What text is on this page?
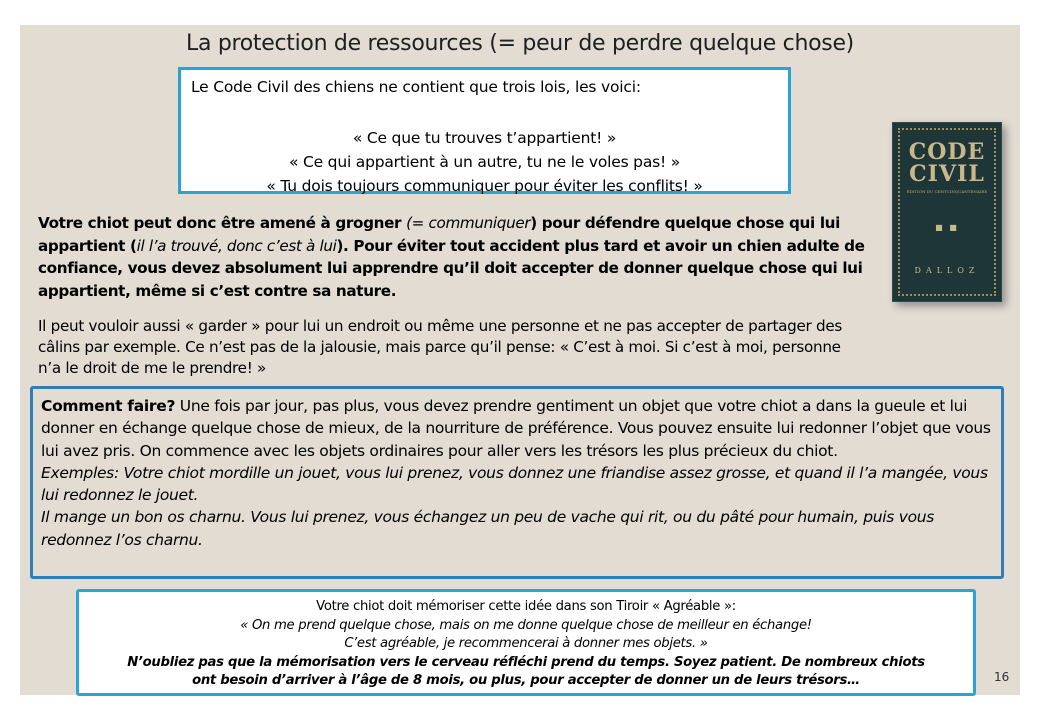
La protection de ressources (= peur de perdre quelque chose)
Le Code Civil des chiens ne contient que trois lois, les voici:
« Ce que tu trouves t’appartient! »
« Ce qui appartient à un autre, tu ne le voles pas! »
« Tu dois toujours communiquer pour éviter les conflits! »
CODE
CIVIL
ÉDITION DU CENTCINQUANTENAIRE
■ ■
DALLOZ
Votre chiot peut donc être amené à grogner (= communiquer) pour défendre quelque chose qui lui appartient (il l’a trouvé, donc c’est à lui). Pour éviter tout accident plus tard et avoir un chien adulte de confiance, vous devez absolument lui apprendre qu’il doit accepter de donner quelque chose qui lui appartient, même si c’est contre sa nature.
Il peut vouloir aussi « garder » pour lui un endroit ou même une personne et ne pas accepter de partager des câlins par exemple. Ce n’est pas de la jalousie, mais parce qu’il pense: « C’est à moi. Si c’est à moi, personne n’a le droit de me le prendre! »
Comment faire? Une fois par jour, pas plus, vous devez prendre gentiment un objet que votre chiot a dans la gueule et lui donner en échange quelque chose de mieux, de la nourriture de préférence. Vous pouvez ensuite lui redonner l’objet que vous lui avez pris. On commence avec les objets ordinaires pour aller vers les trésors les plus précieux du chiot.
Exemples: Votre chiot mordille un jouet, vous lui prenez, vous donnez une friandise assez grosse, et quand il l’a mangée, vous lui redonnez le jouet.
Il mange un bon os charnu. Vous lui prenez, vous échangez un peu de vache qui rit, ou du pâté pour humain, puis vous redonnez l’os charnu.
Votre chiot doit mémoriser cette idée dans son Tiroir « Agréable »:
« On me prend quelque chose, mais on me donne quelque chose de meilleur en échange!
C’est agréable, je recommencerai à donner mes objets. »
N’oubliez pas que la mémorisation vers le cerveau réfléchi prend du temps. Soyez patient. De nombreux chiots
ont besoin d’arriver à l’âge de 8 mois, ou plus, pour accepter de donner un de leurs trésors…	16
